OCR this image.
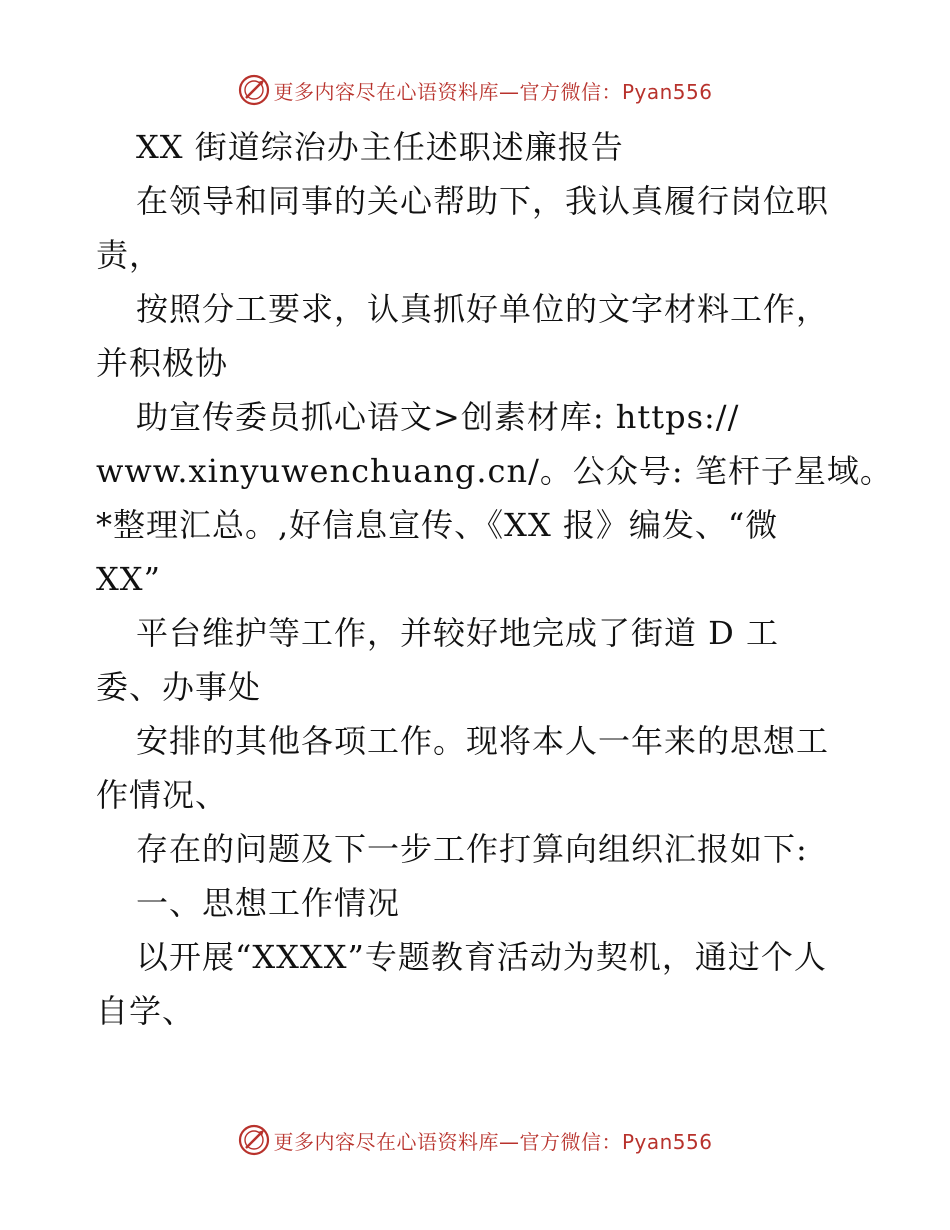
更多内容尽在心语资料库—官方微信：Pyan556
XX 街道综治办主任述职述廉报告
在领导和同事的关心帮助下，我认真履行岗位职
责，
按照分工要求，认真抓好单位的文字材料工作，
并积极协
助宣传委员抓心语文>创素材库: https://
www.xinyuwenchuang.cn/。公众号: 笔杆子星域。
*整理汇总。,好信息宣传、《XX 报》编发、“微
XX”
平台维护等工作，并较好地完成了街道 D 工
委、办事处
安排的其他各项工作。现将本人一年来的思想工
作情况、
存在的问题及下一步工作打算向组织汇报如下:
一、思想工作情况
以开展“XXXX”专题教育活动为契机，通过个人
自学、
更多内容尽在心语资料库—官方微信：Pyan556
